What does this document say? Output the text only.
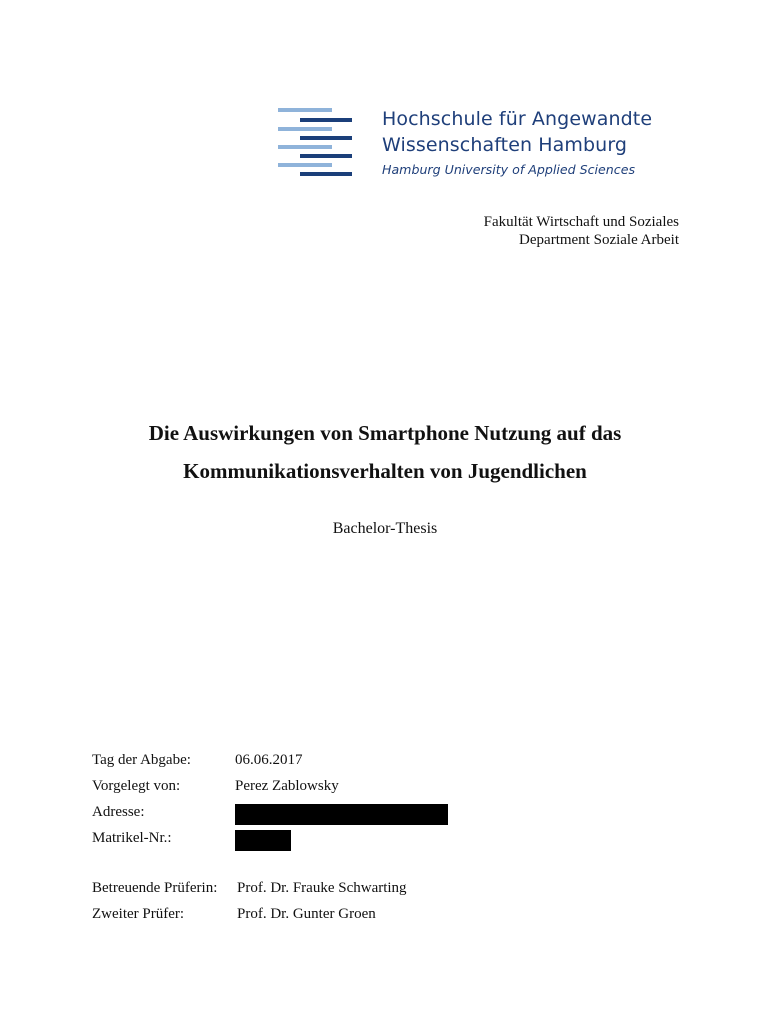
Hochschule für Angewandte
Wissenschaften Hamburg
Hamburg University of Applied Sciences
Fakultät Wirtschaft und Soziales
Department Soziale Arbeit
Die Auswirkungen von Smartphone Nutzung auf das
Kommunikationsverhalten von Jugendlichen
Bachelor-Thesis
Tag der Abgabe:	06.06.2017
Vorgelegt von:	Perez Zablowsky
Adresse:
Matrikel-Nr.:
Betreuende Prüferin: Prof. Dr. Frauke Schwarting
Zweiter Prüfer:	Prof. Dr. Gunter Groen
